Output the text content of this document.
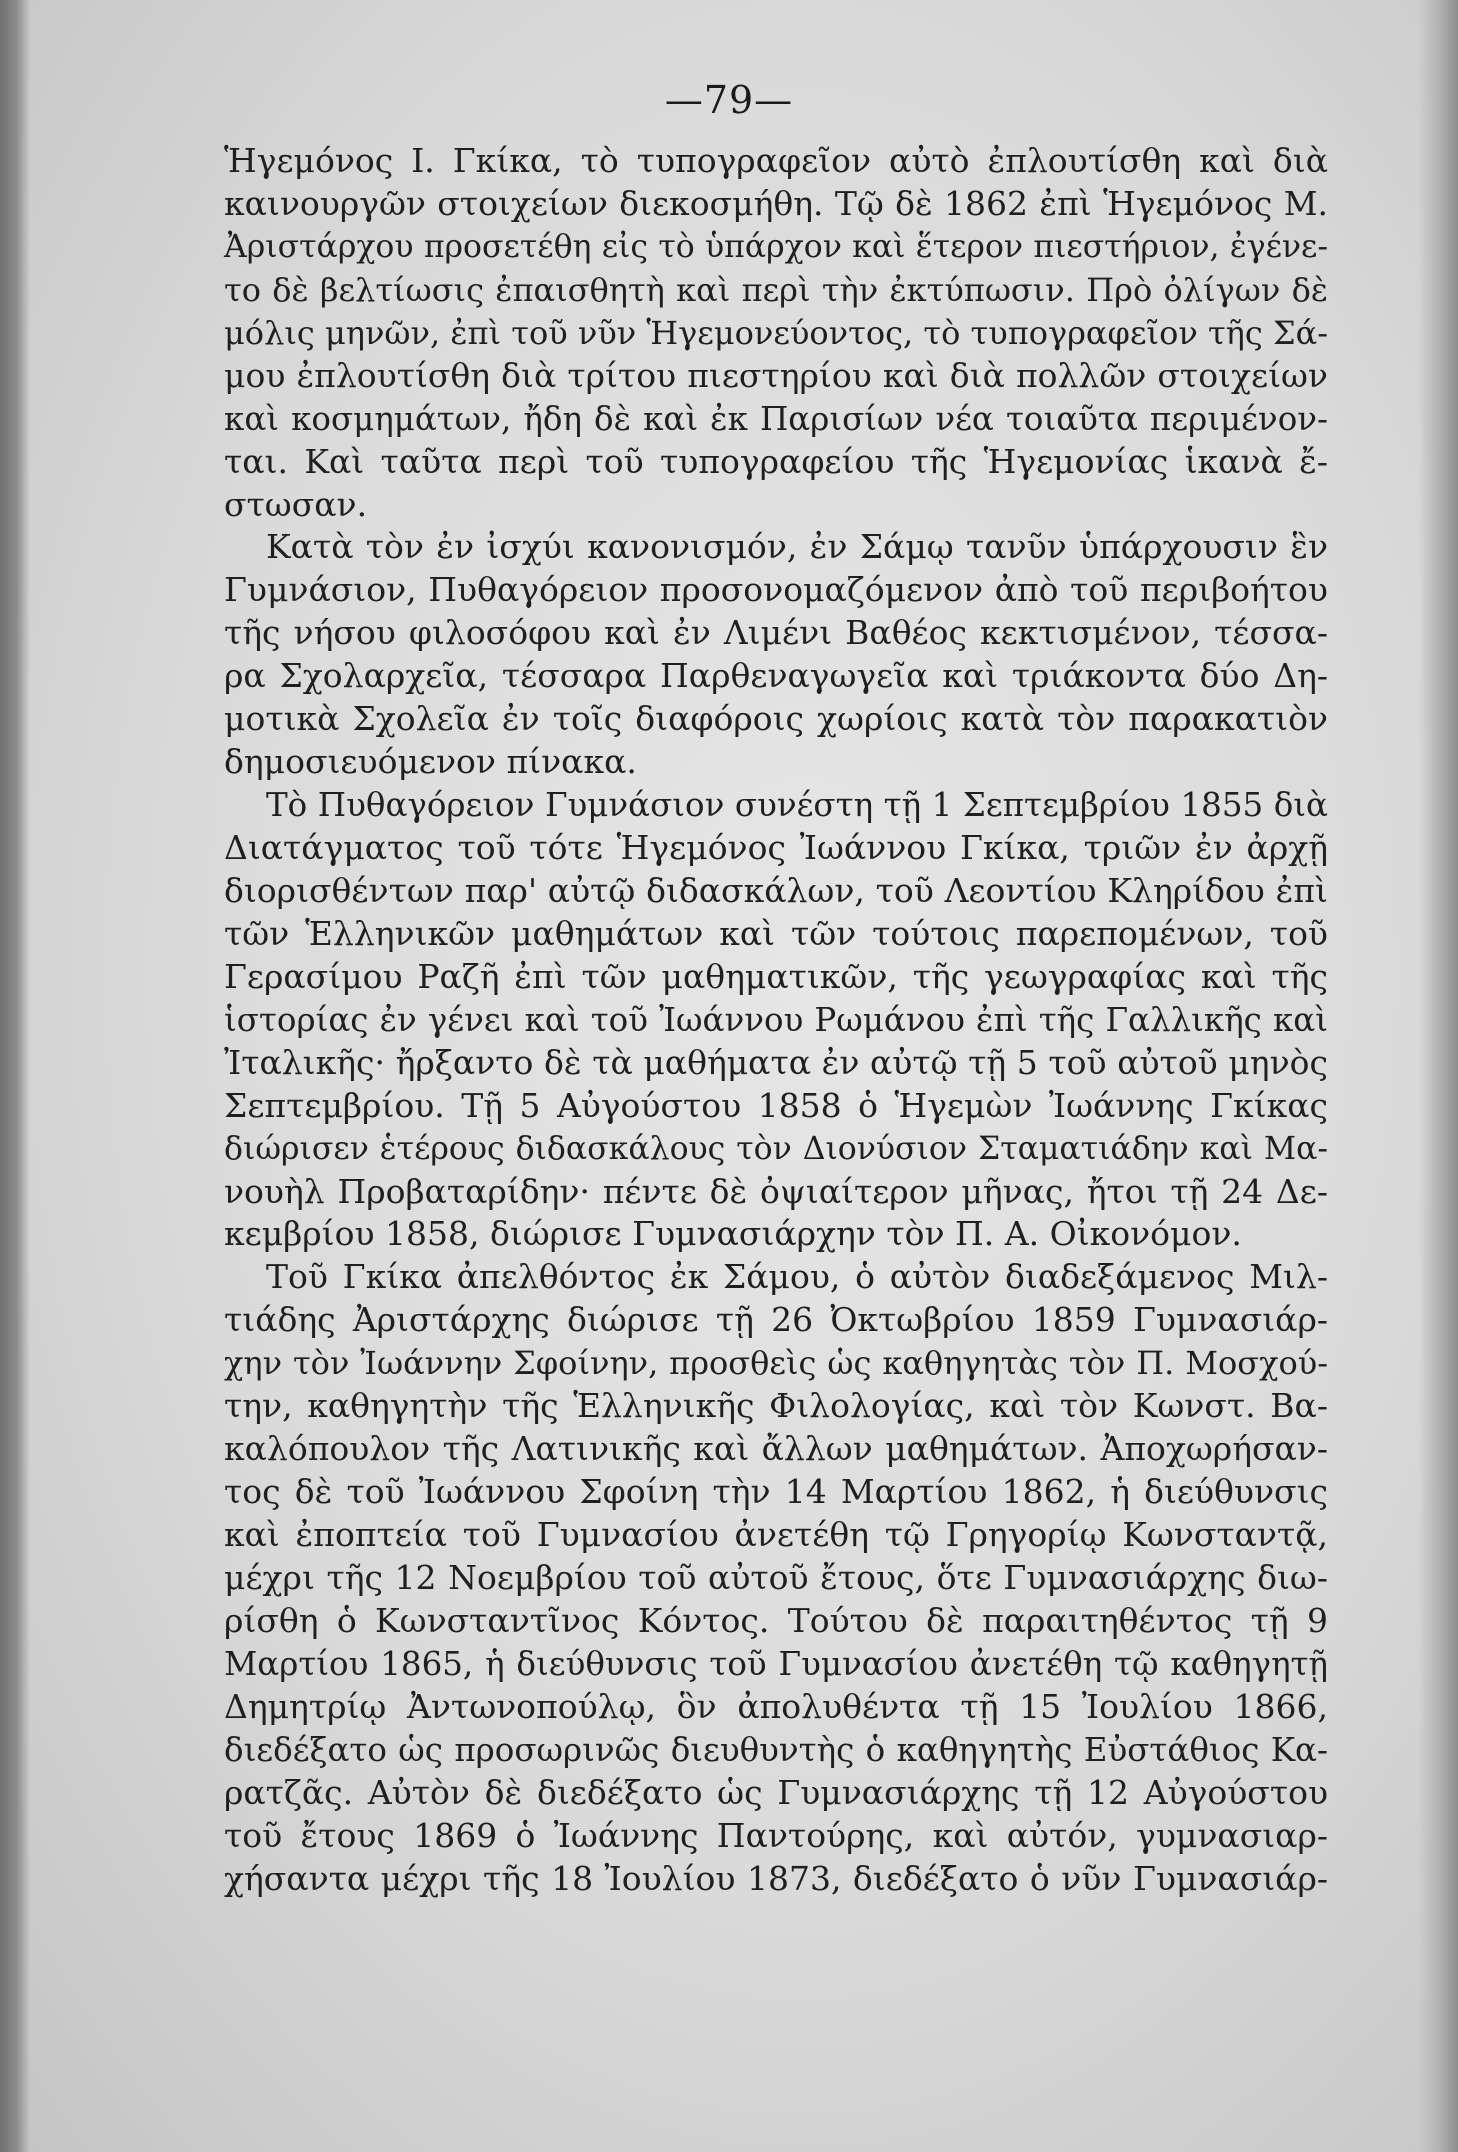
—79—
Ἡγεμόνος Ι. Γκίκα, τὸ τυπογραφεῖον αὐτὸ ἐπλουτίσθη καὶ διὰ
καινουργῶν στοιχείων διεκοσμήθη. Τῷ δὲ 1862 ἐπὶ Ἡγεμόνος Μ.
Ἀριστάρχου προσετέθη εἰς τὸ ὑπάρχον καὶ ἕτερον πιεστήριον, ἐγένε-
το δὲ βελτίωσις ἐπαισθητὴ καὶ περὶ τὴν ἐκτύπωσιν. Πρὸ ὀλίγων δὲ
μόλις μηνῶν, ἐπὶ τοῦ νῦν Ἡγεμονεύοντος, τὸ τυπογραφεῖον τῆς Σά-
μου ἐπλουτίσθη διὰ τρίτου πιεστηρίου καὶ διὰ πολλῶν στοιχείων
καὶ κοσμημάτων, ἤδη δὲ καὶ ἐκ Παρισίων νέα τοιαῦτα περιμένον-
ται. Καὶ ταῦτα περὶ τοῦ τυπογραφείου τῆς Ἡγεμονίας ἱκανὰ ἔ-
στωσαν.
Κατὰ τὸν ἐν ἰσχύι κανονισμόν, ἐν Σάμῳ τανῦν ὑπάρχουσιν ἓν
Γυμνάσιον, Πυθαγόρειον προσονομαζόμενον ἀπὸ τοῦ περιβοήτου
τῆς νήσου φιλοσόφου καὶ ἐν Λιμένι Βαθέος κεκτισμένον, τέσσα-
ρα Σχολαρχεῖα, τέσσαρα Παρθεναγωγεῖα καὶ τριάκοντα δύο Δη-
μοτικὰ Σχολεῖα ἐν τοῖς διαφόροις χωρίοις κατὰ τὸν παρακατιὸν
δημοσιευόμενον πίνακα.
Τὸ Πυθαγόρειον Γυμνάσιον συνέστη τῇ 1 Σεπτεμβρίου 1855 διὰ
Διατάγματος τοῦ τότε Ἡγεμόνος Ἰωάννου Γκίκα, τριῶν ἐν ἀρχῇ
διορισθέντων παρ' αὐτῷ διδασκάλων, τοῦ Λεοντίου Κληρίδου ἐπὶ
τῶν Ἑλληνικῶν μαθημάτων καὶ τῶν τούτοις παρεπομένων, τοῦ
Γερασίμου Ραζῆ ἐπὶ τῶν μαθηματικῶν, τῆς γεωγραφίας καὶ τῆς
ἱστορίας ἐν γένει καὶ τοῦ Ἰωάννου Ρωμάνου ἐπὶ τῆς Γαλλικῆς καὶ
Ἰταλικῆς· ἤρξαντο δὲ τὰ μαθήματα ἐν αὐτῷ τῇ 5 τοῦ αὐτοῦ μηνὸς
Σεπτεμβρίου. Τῇ 5 Αὐγούστου 1858 ὁ Ἡγεμὼν Ἰωάννης Γκίκας
διώρισεν ἑτέρους διδασκάλους τὸν Διονύσιον Σταματιάδην καὶ Μα-
νουὴλ Προβαταρίδην· πέντε δὲ ὀψιαίτερον μῆνας, ἤτοι τῇ 24 Δε-
κεμβρίου 1858, διώρισε Γυμνασιάρχην τὸν Π. Α. Οἰκονόμον.
Τοῦ Γκίκα ἀπελθόντος ἐκ Σάμου, ὁ αὐτὸν διαδεξάμενος Μιλ-
τιάδης Ἀριστάρχης διώρισε τῇ 26 Ὀκτωβρίου 1859 Γυμνασιάρ-
χην τὸν Ἰωάννην Σφοίνην, προσθεὶς ὡς καθηγητὰς τὸν Π. Μοσχού-
την, καθηγητὴν τῆς Ἑλληνικῆς Φιλολογίας, καὶ τὸν Κωνστ. Βα-
καλόπουλον τῆς Λατινικῆς καὶ ἄλλων μαθημάτων. Ἀποχωρήσαν-
τος δὲ τοῦ Ἰωάννου Σφοίνη τὴν 14 Μαρτίου 1862, ἡ διεύθυνσις
καὶ ἐποπτεία τοῦ Γυμνασίου ἀνετέθη τῷ Γρηγορίῳ Κωνσταντᾷ,
μέχρι τῆς 12 Νοεμβρίου τοῦ αὐτοῦ ἔτους, ὅτε Γυμνασιάρχης διω-
ρίσθη ὁ Κωνσταντῖνος Κόντος. Τούτου δὲ παραιτηθέντος τῇ 9
Μαρτίου 1865, ἡ διεύθυνσις τοῦ Γυμνασίου ἀνετέθη τῷ καθηγητῇ
Δημητρίῳ Ἀντωνοπούλῳ, ὃν ἀπολυθέντα τῇ 15 Ἰουλίου 1866,
διεδέξατο ὡς προσωρινῶς διευθυντὴς ὁ καθηγητὴς Εὐστάθιος Κα-
ρατζᾶς. Αὐτὸν δὲ διεδέξατο ὡς Γυμνασιάρχης τῇ 12 Αὐγούστου
τοῦ ἔτους 1869 ὁ Ἰωάννης Παντούρης, καὶ αὐτόν, γυμνασιαρ-
χήσαντα μέχρι τῆς 18 Ἰουλίου 1873, διεδέξατο ὁ νῦν Γυμνασιάρ-
